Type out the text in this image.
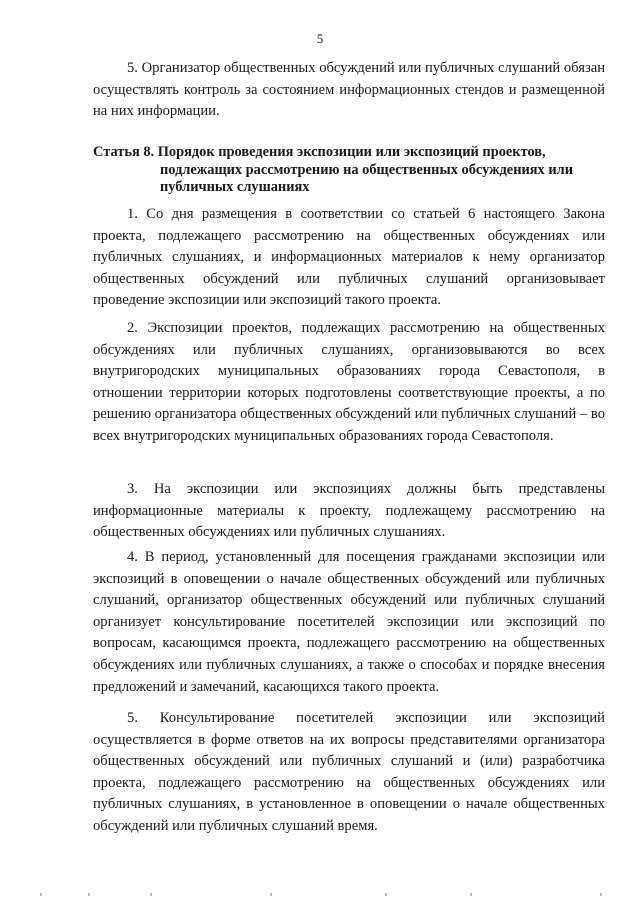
5

5. Организатор общественных обсуждений или публичных слушаний обязан осуществлять контроль за состоянием информационных стендов и размещенной на них информации.

Статья 8. Порядок проведения экспозиции или экспозиций проектов,
подлежащих рассмотрению на общественных обсуждениях или
публичных слушаниях

1. Со дня размещения в соответствии со статьей 6 настоящего Закона проекта, подлежащего рассмотрению на общественных обсуждениях или публичных слушаниях, и информационных материалов к нему организатор общественных обсуждений или публичных слушаний организовывает проведение экспозиции или экспозиций такого проекта.

2. Экспозиции проектов, подлежащих рассмотрению на общественных обсуждениях или публичных слушаниях, организовываются во всех внутригородских муниципальных образованиях города Севастополя, в отношении территории которых подготовлены соответствующие проекты, а по решению организатора общественных обсуждений или публичных слушаний – во всех внутригородских муниципальных образованиях города Севастополя.

3. На экспозиции или экспозициях должны быть представлены информационные материалы к проекту, подлежащему рассмотрению на общественных обсуждениях или публичных слушаниях.

4. В период, установленный для посещения гражданами экспозиции или экспозиций в оповещении о начале общественных обсуждений или публичных слушаний, организатор общественных обсуждений или публичных слушаний организует консультирование посетителей экспозиции или экспозиций по вопросам, касающимся проекта, подлежащего рассмотрению на общественных обсуждениях или публичных слушаниях, а также о способах и порядке внесения предложений и замечаний, касающихся такого проекта.

5. Консультирование посетителей экспозиции или экспозиций осуществляется в форме ответов на их вопросы представителями организатора общественных обсуждений или публичных слушаний и (или) разработчика проекта, подлежащего рассмотрению на общественных обсуждениях или публичных слушаниях, в установленное в оповещении о начале общественных обсуждений или публичных слушаний время.
